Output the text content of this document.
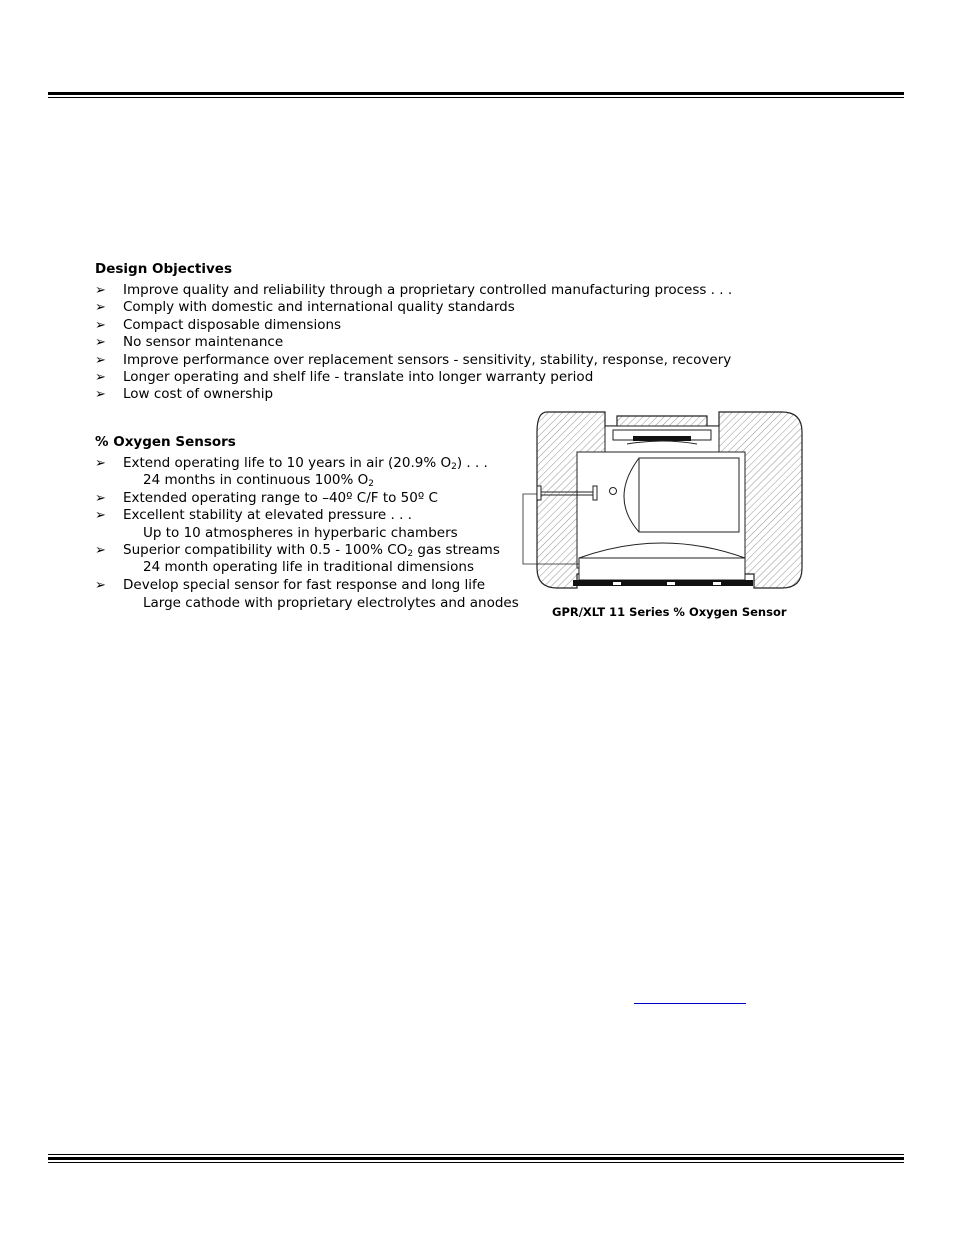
Design Objectives
➢ Improve quality and reliability through a proprietary controlled manufacturing process . . .
➢ Comply with domestic and international quality standards
➢ Compact disposable dimensions
➢ No sensor maintenance
➢ Improve performance over replacement sensors - sensitivity, stability, response, recovery
➢ Longer operating and shelf life - translate into longer warranty period
➢ Low cost of ownership
% Oxygen Sensors
➢ Extend operating life to 10 years in air (20.9% $O_2$) . . .
24 months in continuous 100% $O_2$
➢ Extended operating range to –40º C/F to 50º C
➢ Excellent stability at elevated pressure . . .
Up to 10 atmospheres in hyperbaric chambers
➢ Superior compatibility with 0.5 - 100% $CO_2$ gas streams
24 month operating life in traditional dimensions
➢ Develop special sensor for fast response and long life
Large cathode with proprietary electrolytes and anodes
GPR/XLT 11 Series % Oxygen Sensor
